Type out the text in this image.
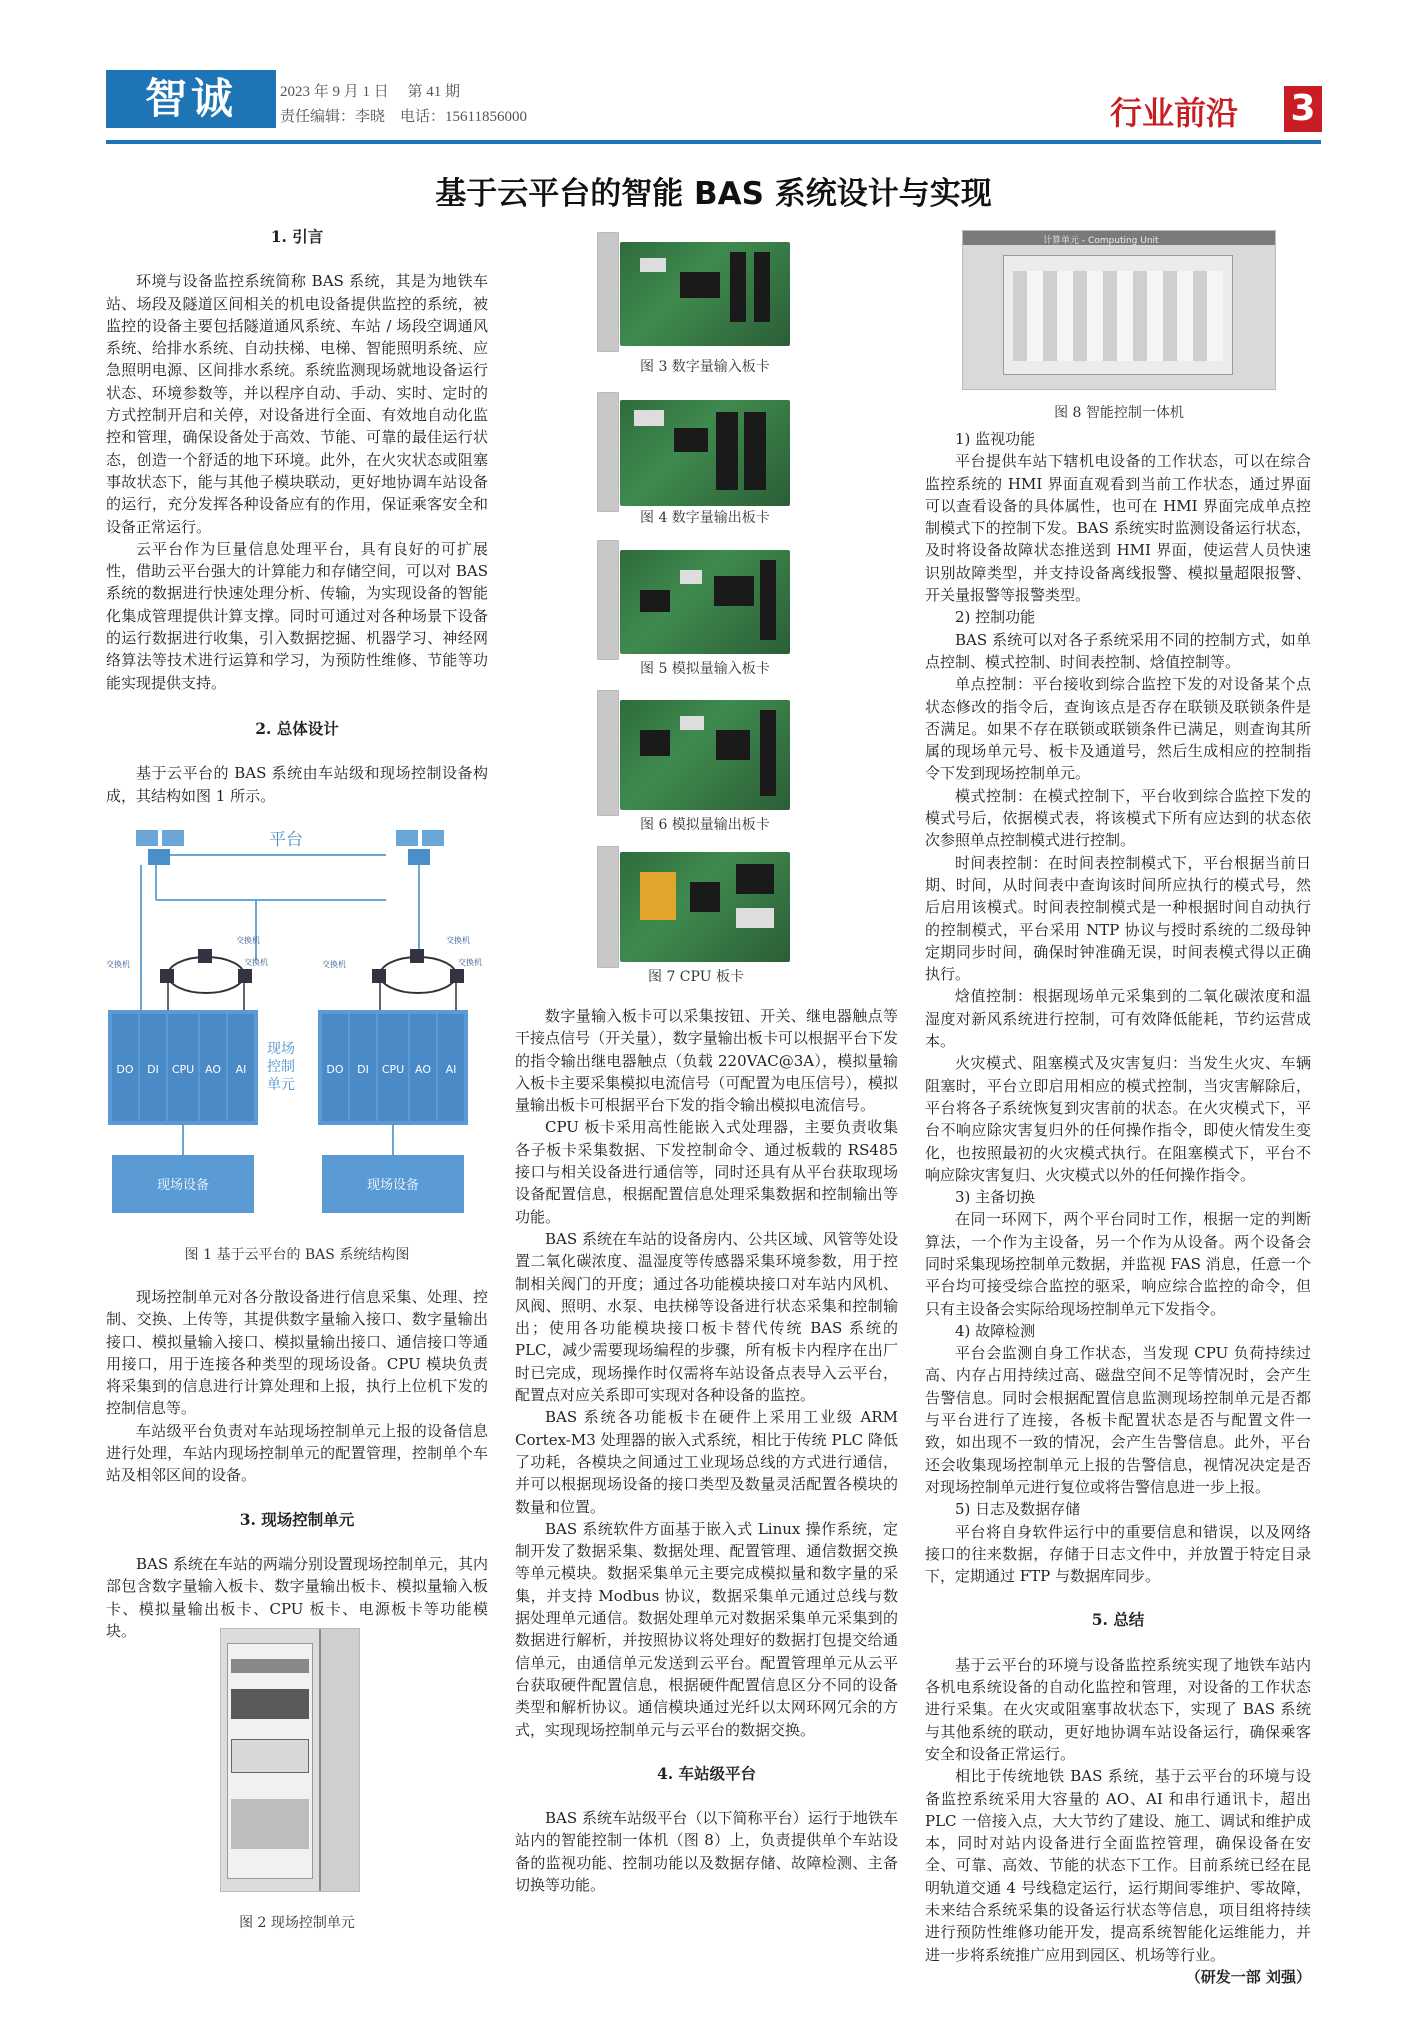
智诚	2023 年 9 月 1 日　 第 41 期
责任编辑：李晓　电话：15611856000	行业前沿	3
基于云平台的智能 BAS 系统设计与实现
1. 引言

环境与设备监控系统简称 BAS 系统，其是为地铁车站、场段及隧道区间相关的机电设备提供监控的系统，被监控的设备主要包括隧道通风系统、车站 / 场段空调通风系统、给排水系统、自动扶梯、电梯、智能照明系统、应急照明电源、区间排水系统。系统监测现场就地设备运行状态、环境参数等，并以程序自动、手动、实时、定时的方式控制开启和关停，对设备进行全面、有效地自动化监控和管理，确保设备处于高效、节能、可靠的最佳运行状态，创造一个舒适的地下环境。此外，在火灾状态或阻塞事故状态下，能与其他子模块联动，更好地协调车站设备的运行，充分发挥各种设备应有的作用，保证乘客安全和设备正常运行。

云平台作为巨量信息处理平台，具有良好的可扩展性，借助云平台强大的计算能力和存储空间，可以对 BAS 系统的数据进行快速处理分析、传输，为实现设备的智能化集成管理提供计算支撑。同时可通过对各种场景下设备的运行数据进行收集，引入数据挖掘、机器学习、神经网络算法等技术进行运算和学习，为预防性维修、节能等功能实现提供支持。

2. 总体设计

基于云平台的 BAS 系统由车站级和现场控制设备构成，其结构如图 1 所示。

平台
交换机
交换机	交换机
交换机
交换机	交换机
DO DI CPU AO AI
现场控制单元
DO DI CPU AO AI
现场设备	现场设备
图 1 基于云平台的 BAS 系统结构图

现场控制单元对各分散设备进行信息采集、处理、控制、交换、上传等，其提供数字量输入接口、数字量输出接口、模拟量输入接口、模拟量输出接口、通信接口等通用接口，用于连接各种类型的现场设备。CPU 模块负责将采集到的信息进行计算处理和上报，执行上位机下发的控制信息等。

车站级平台负责对车站现场控制单元上报的设备信息进行处理，车站内现场控制单元的配置管理，控制单个车站及相邻区间的设备。

3. 现场控制单元

BAS 系统在车站的两端分别设置现场控制单元，其内部包含数字量输入板卡、数字量输出板卡、模拟量输入板卡、模拟量输出板卡、CPU 板卡、电源板卡等功能模块。

图 2 现场控制单元
图 3 数字量输入板卡
图 4 数字量输出板卡
图 5 模拟量输入板卡
图 6 模拟量输出板卡
图 7 CPU 板卡

数字量输入板卡可以采集按钮、开关、继电器触点等干接点信号（开关量），数字量输出板卡可以根据平台下发的指令输出继电器触点（负载 220VAC@3A），模拟量输入板卡主要采集模拟电流信号（可配置为电压信号），模拟量输出板卡可根据平台下发的指令输出模拟电流信号。

CPU 板卡采用高性能嵌入式处理器，主要负责收集各子板卡采集数据、下发控制命令、通过板载的 RS485 接口与相关设备进行通信等，同时还具有从平台获取现场设备配置信息，根据配置信息处理采集数据和控制输出等功能。

BAS 系统在车站的设备房内、公共区域、风管等处设置二氧化碳浓度、温湿度等传感器采集环境参数，用于控制相关阀门的开度；通过各功能模块接口对车站内风机、风阀、照明、水泵、电扶梯等设备进行状态采集和控制输出；使用各功能模块接口板卡替代传统 BAS 系统的 PLC，减少需要现场编程的步骤，所有板卡内程序在出厂时已完成，现场操作时仅需将车站设备点表导入云平台，配置点对应关系即可实现对各种设备的监控。

BAS 系统各功能板卡在硬件上采用工业级 ARM Cortex-M3 处理器的嵌入式系统，相比于传统 PLC 降低了功耗，各模块之间通过工业现场总线的方式进行通信，并可以根据现场设备的接口类型及数量灵活配置各模块的数量和位置。

BAS 系统软件方面基于嵌入式 Linux 操作系统，定制开发了数据采集、数据处理、配置管理、通信数据交换等单元模块。数据采集单元主要完成模拟量和数字量的采集，并支持 Modbus 协议，数据采集单元通过总线与数据处理单元通信。数据处理单元对数据采集单元采集到的数据进行解析，并按照协议将处理好的数据打包提交给通信单元，由通信单元发送到云平台。配置管理单元从云平台获取硬件配置信息，根据硬件配置信息区分不同的设备类型和解析协议。通信模块通过光纤以太网环网冗余的方式，实现现场控制单元与云平台的数据交换。

4. 车站级平台

BAS 系统车站级平台（以下简称平台）运行于地铁车站内的智能控制一体机（图 8）上，负责提供单个车站设备的监视功能、控制功能以及数据存储、故障检测、主备切换等功能。

计算单元 - Computing Unit
图 8 智能控制一体机

1) 监视功能

平台提供车站下辖机电设备的工作状态，可以在综合监控系统的 HMI 界面直观看到当前工作状态，通过界面可以查看设备的具体属性，也可在 HMI 界面完成单点控制模式下的控制下发。BAS 系统实时监测设备运行状态，及时将设备故障状态推送到 HMI 界面，使运营人员快速识别故障类型，并支持设备离线报警、模拟量超限报警、开关量报警等报警类型。

2) 控制功能

BAS 系统可以对各子系统采用不同的控制方式，如单点控制、模式控制、时间表控制、焓值控制等。

单点控制：平台接收到综合监控下发的对设备某个点状态修改的指令后，查询该点是否存在联锁及联锁条件是否满足。如果不存在联锁或联锁条件已满足，则查询其所属的现场单元号、板卡及通道号，然后生成相应的控制指令下发到现场控制单元。

模式控制：在模式控制下，平台收到综合监控下发的模式号后，依据模式表，将该模式下所有应达到的状态依次参照单点控制模式进行控制。

时间表控制：在时间表控制模式下，平台根据当前日期、时间，从时间表中查询该时间所应执行的模式号，然后启用该模式。时间表控制模式是一种根据时间自动执行的控制模式，平台采用 NTP 协议与授时系统的二级母钟定期同步时间，确保时钟准确无误，时间表模式得以正确执行。

焓值控制：根据现场单元采集到的二氧化碳浓度和温湿度对新风系统进行控制，可有效降低能耗，节约运营成本。

火灾模式、阻塞模式及灾害复归：当发生火灾、车辆阻塞时，平台立即启用相应的模式控制，当灾害解除后，平台将各子系统恢复到灾害前的状态。在火灾模式下，平台不响应除灾害复归外的任何操作指令，即使火情发生变化，也按照最初的火灾模式执行。在阻塞模式下，平台不响应除灾害复归、火灾模式以外的任何操作指令。

3) 主备切换

在同一环网下，两个平台同时工作，根据一定的判断算法，一个作为主设备，另一个作为从设备。两个设备会同时采集现场控制单元数据，并监视 FAS 消息，任意一个平台均可接受综合监控的驱采，响应综合监控的命令，但只有主设备会实际给现场控制单元下发指令。

4) 故障检测

平台会监测自身工作状态，当发现 CPU 负荷持续过高、内存占用持续过高、磁盘空间不足等情况时，会产生告警信息。同时会根据配置信息监测现场控制单元是否都与平台进行了连接，各板卡配置状态是否与配置文件一致，如出现不一致的情况，会产生告警信息。此外，平台还会收集现场控制单元上报的告警信息，视情况决定是否对现场控制单元进行复位或将告警信息进一步上报。

5) 日志及数据存储

平台将自身软件运行中的重要信息和错误，以及网络接口的往来数据，存储于日志文件中，并放置于特定目录下，定期通过 FTP 与数据库同步。

5. 总结

基于云平台的环境与设备监控系统实现了地铁车站内各机电系统设备的自动化监控和管理，对设备的工作状态进行采集。在火灾或阻塞事故状态下，实现了 BAS 系统与其他系统的联动，更好地协调车站设备运行，确保乘客安全和设备正常运行。

相比于传统地铁 BAS 系统，基于云平台的环境与设备监控系统采用大容量的 AO、AI 和串行通讯卡，超出 PLC 一倍接入点，大大节约了建设、施工、调试和维护成本，同时对站内设备进行全面监控管理，确保设备在安全、可靠、高效、节能的状态下工作。目前系统已经在昆明轨道交通 4 号线稳定运行，运行期间零维护、零故障，未来结合系统采集的设备运行状态等信息，项目组将持续进行预防性维修功能开发，提高系统智能化运维能力，并进一步将系统推广应用到园区、机场等行业。

（研发一部 刘强）
